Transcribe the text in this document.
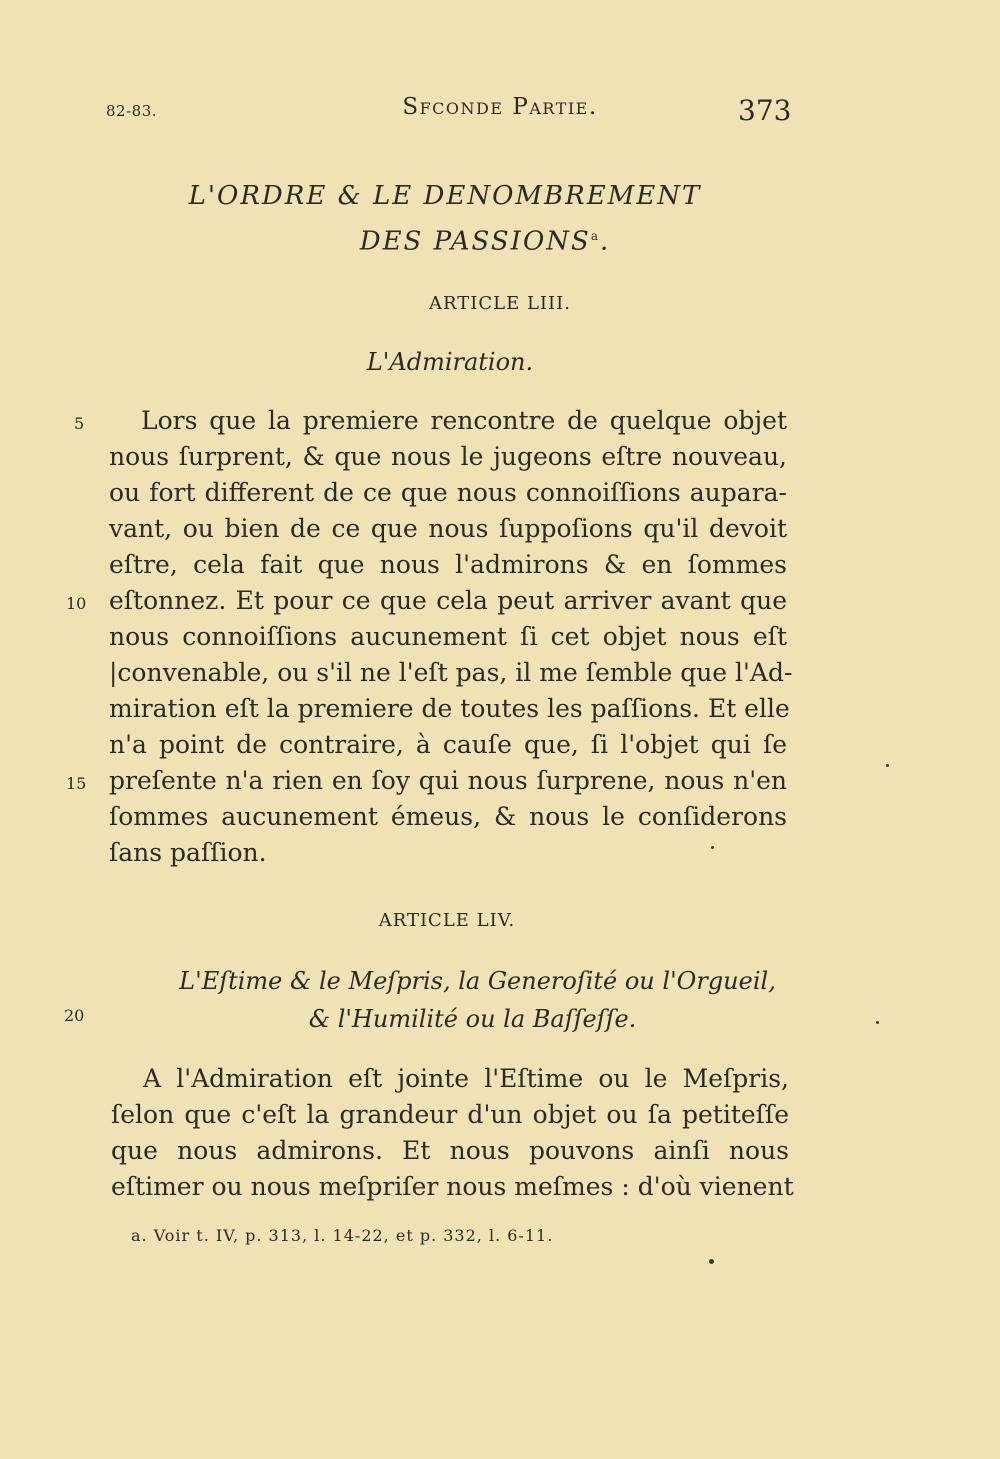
82-83.	Sfconde Partie.	373
L'ORDRE & LE DENOMBREMENT
DES PASSIONS$^a$.
ARTICLE LIII.
L'Admiration.
Lors que la premiere rencontre de quelque objet
nous ſurprent, & que nous le jugeons eſtre nouveau,
ou fort different de ce que nous connoiſſions aupara-
vant, ou bien de ce que nous ſuppoſions qu'il devoit
eſtre, cela fait que nous l'admirons & en ſommes
eſtonnez. Et pour ce que cela peut arriver avant que
nous connoiſſions aucunement ſi cet objet nous eſt
|convenable, ou s'il ne l'eſt pas, il me ſemble que l'Ad-
miration eſt la premiere de toutes les paſſions. Et elle
n'a point de contraire, à cauſe que, ſi l'objet qui ſe
preſente n'a rien en ſoy qui nous ſurprene, nous n'en
ſommes aucunement émeus, & nous le conſiderons
ſans paſſion.
5
10
15
20
ARTICLE LIV.
L'Eſtime & le Meſpris, la Generoſité ou l'Orgueil,
& l'Humilité ou la Baſſeſſe.
A l'Admiration eſt jointe l'Eſtime ou le Meſpris,
ſelon que c'eſt la grandeur d'un objet ou ſa petiteſſe
que nous admirons. Et nous pouvons ainſi nous
eſtimer ou nous meſpriſer nous meſmes : d'où vienent
a. Voir t. IV, p. 313, l. 14-22, et p. 332, l. 6-11.
